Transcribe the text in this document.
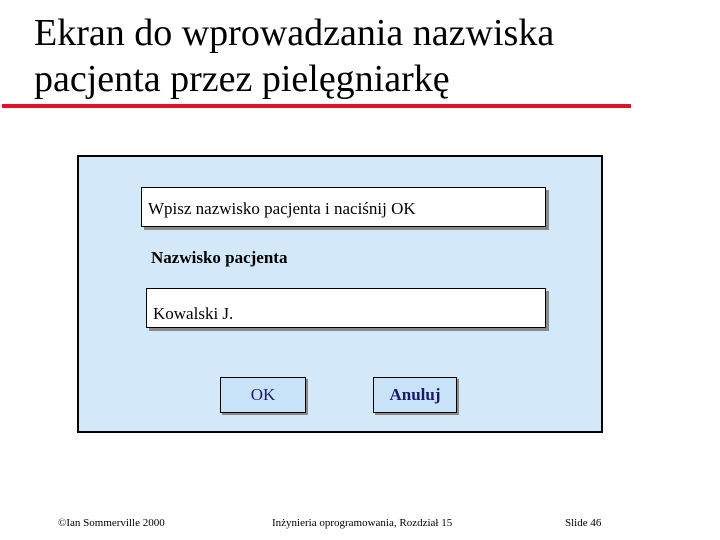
Ekran do wprowadzania nazwiska
pacjenta przez pielęgniarkę
Wpisz nazwisko pacjenta i naciśnij OK
Nazwisko pacjenta
Kowalski J.
OK	Anuluj
©Ian Sommerville 2000	Inżynieria oprogramowania, Rozdział 15	Slide 46
